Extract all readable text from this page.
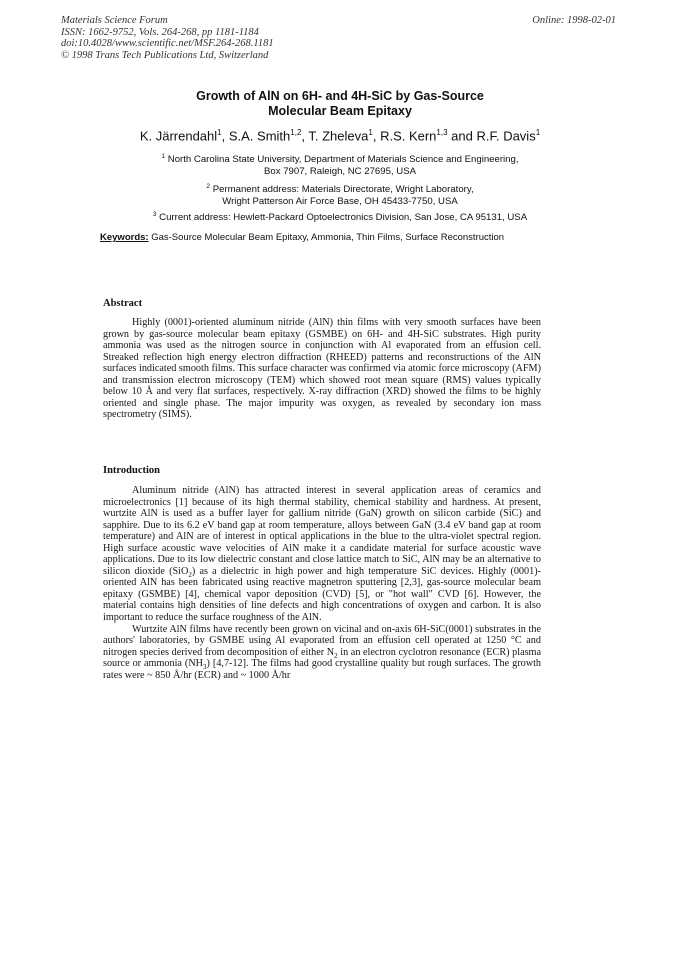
Materials Science Forum
ISSN: 1662-9752, Vols. 264-268, pp 1181-1184
doi:10.4028/www.scientific.net/MSF.264-268.1181
© 1998 Trans Tech Publications Ltd, Switzerland
Online: 1998-02-01
Growth of AlN on 6H- and 4H-SiC by Gas-Source
Molecular Beam Epitaxy
K. Järrendahl$^1$, S.A. Smith$^{1,2}$, T. Zheleva$^1$, R.S. Kern$^{1,3}$ and R.F. Davis$^1$
$^1$ North Carolina State University, Department of Materials Science and Engineering,
Box 7907, Raleigh, NC 27695, USA
$^2$ Permanent address: Materials Directorate, Wright Laboratory,
Wright Patterson Air Force Base, OH 45433-7750, USA
$^3$ Current address: Hewlett-Packard Optoelectronics Division, San Jose, CA 95131, USA
Keywords: Gas-Source Molecular Beam Epitaxy, Ammonia, Thin Films, Surface Reconstruction
Abstract

Highly (0001)-oriented aluminum nitride (AlN) thin films with very smooth surfaces have been grown by gas-source molecular beam epitaxy (GSMBE) on 6H- and 4H-SiC substrates. High purity ammonia was used as the nitrogen source in conjunction with Al evaporated from an effusion cell. Streaked reflection high energy electron diffraction (RHEED) patterns and reconstructions of the AlN surfaces indicated smooth films. This surface character was confirmed via atomic force microscopy (AFM) and transmission electron microscopy (TEM) which showed root mean square (RMS) values typically below 10 Å and very flat surfaces, respectively. X-ray diffraction (XRD) showed the films to be highly oriented and single phase. The major impurity was oxygen, as revealed by secondary ion mass spectrometry (SIMS).

Introduction

Aluminum nitride (AlN) has attracted interest in several application areas of ceramics and microelectronics [1] because of its high thermal stability, chemical stability and hardness. At present, wurtzite AlN is used as a buffer layer for gallium nitride (GaN) growth on silicon carbide (SiC) and sapphire. Due to its 6.2 eV band gap at room temperature, alloys between GaN (3.4 eV band gap at room temperature) and AlN are of interest in optical applications in the blue to the ultra-violet spectral region. High surface acoustic wave velocities of AlN make it a candidate material for surface acoustic wave applications. Due to its low dielectric constant and close lattice match to SiC, AlN may be an alternative to silicon dioxide (SiO$_2$) as a dielectric in high power and high temperature SiC devices. Highly (0001)-oriented AlN has been fabricated using reactive magnetron sputtering [2,3], gas-source molecular beam epitaxy (GSMBE) [4], chemical vapor deposition (CVD) [5], or "hot wall" CVD [6]. However, the material contains high densities of line defects and high concentrations of oxygen and carbon. It is also important to reduce the surface roughness of the AlN.

Wurtzite AlN films have recently been grown on vicinal and on-axis 6H-SiC(0001) substrates in the authors' laboratories, by GSMBE using Al evaporated from an effusion cell operated at 1250 °C and nitrogen species derived from decomposition of either $N_2$ in an electron cyclotron resonance (ECR) plasma source or ammonia $(NH_3)$ [4,7-12]. The films had good crystalline quality but rough surfaces. The growth rates were ~ 850 Å/hr (ECR) and ~ 1000 Å/hr
